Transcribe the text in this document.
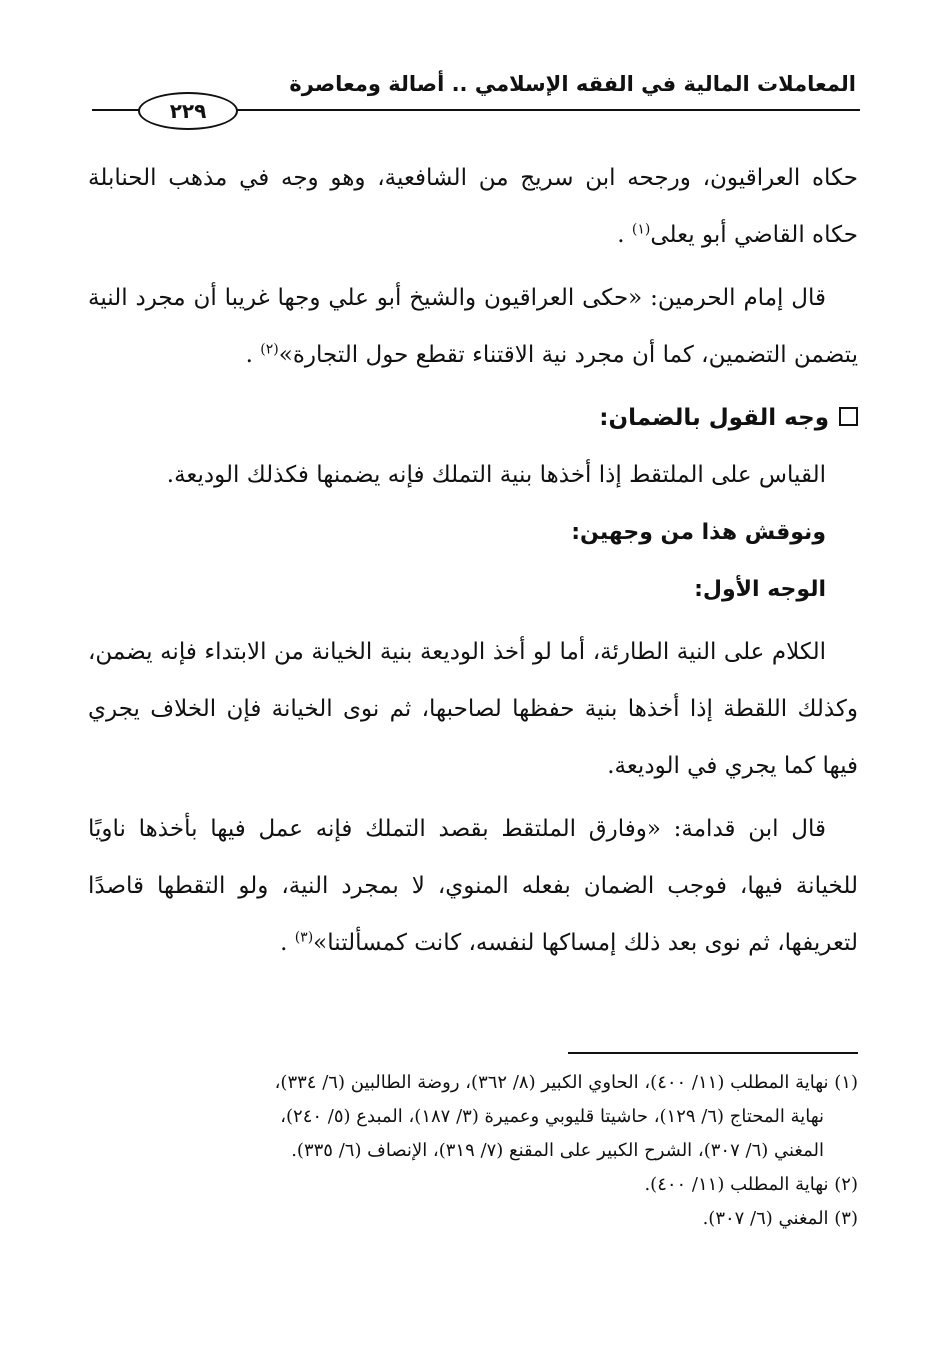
المعاملات المالية في الفقه الإسلامي .. أصالة ومعاصرة
٢٢٩

حكاه العراقيون، ورجحه ابن سريج من الشافعية، وهو وجه في مذهب الحنابلة حكاه القاضي أبو يعلى$^{(١)}$ .

قال إمام الحرمين: «حكى العراقيون والشيخ أبو علي وجها غريبا أن مجرد النية يتضمن التضمين، كما أن مجرد نية الاقتناء تقطع حول التجارة»$^{(٢)}$ .

وجه القول بالضمان:

القياس على الملتقط إذا أخذها بنية التملك فإنه يضمنها فكذلك الوديعة.

ونوقش هذا من وجهين:

الوجه الأول:

الكلام على النية الطارئة، أما لو أخذ الوديعة بنية الخيانة من الابتداء فإنه يضمن، وكذلك اللقطة إذا أخذها بنية حفظها لصاحبها، ثم نوى الخيانة فإن الخلاف يجري فيها كما يجري في الوديعة.

قال ابن قدامة: «وفارق الملتقط بقصد التملك فإنه عمل فيها بأخذها ناويًا للخيانة فيها، فوجب الضمان بفعله المنوي، لا بمجرد النية، ولو التقطها قاصدًا لتعريفها، ثم نوى بعد ذلك إمساكها لنفسه، كانت كمسألتنا»$^{(٣)}$ .

(١) نهاية المطلب (١١/ ٤٠٠)، الحاوي الكبير (٨/ ٣٦٢)، روضة الطالبين (٦/ ٣٣٤)،

نهاية المحتاج (٦/ ١٢٩)، حاشيتا قليوبي وعميرة (٣/ ١٨٧)، المبدع (٥/ ٢٤٠)،

المغني (٦/ ٣٠٧)، الشرح الكبير على المقنع (٧/ ٣١٩)، الإنصاف (٦/ ٣٣٥).

(٢) نهاية المطلب (١١/ ٤٠٠).

(٣) المغني (٦/ ٣٠٧).
